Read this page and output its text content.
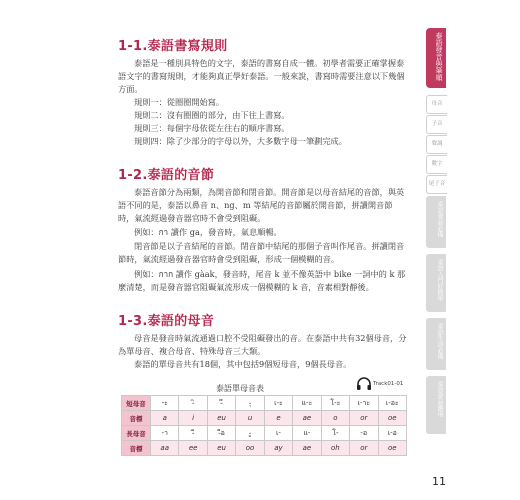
1-1.泰語書寫規則

泰語是一種別具特色的文字，泰語的書寫自成一體。初學者需要正確掌握泰語文字的書寫規則，才能夠真正學好泰語。一般來說，書寫時需要注意以下幾個方面。

規則一：從圈圈開始寫。

規則二：沒有圈圈的部分，由下往上書寫。

規則三：每個字母依從左往右的順序書寫。

規則四：除了少部分的字母以外，大多數字母一筆劃完成。

1-2.泰語的音節

泰語音節分為兩類，為開音節和閉音節。開音節是以母音結尾的音節，與英語不同的是，泰語以鼻音 n、ng、m 等結尾的音節屬於開音節，拼讀開音節時，氣流經過發音器官時不會受到阻礙。

例如：กา 讀作 ga，發音時，氣息順暢。

閉音節是以子音結尾的音節。閉音節中結尾的那個子音叫作尾音。拼讀閉音節時，氣流經過發音器官時會受到阻礙，形成一個模糊的音。

例如：กาก 讀作 gàak，發音時，尾音 k 並不像英語中 bike 一詞中的 k 那麼清楚，而是發音器官阻礙氣流形成一個模糊的 k 音，音素相對靜後。

1-3.泰語的母音

母音是發音時氣流通過口腔不受阻礙發出的音。在泰語中共有32個母音，分為單母音、複合母音、特殊母音三大類。

泰語的單母音共有18個，其中包括9個短母音，9個長母音。

泰語單母音表	Track01-01
短母音	-ะ	-ิ	-ึ	-ุ	เ-ะ	แ-ะ	โ-ะ	เ-าะ	เ-อะ
音標	a	i	eu	u	e	ae	o	or	oe
長母音	-า	-ี	-ือ	-ู	เ-	แ-	โ-	-อ	เ-อ
音標	aa	ee	eu	oo	ay	ae	oh	or	oe
泰語發音與筆順
母音
子音
聲調
數字
尾子音
泰語會話必備
泰語入門好簡單
泰語生活必備
泰語會話應用
11
